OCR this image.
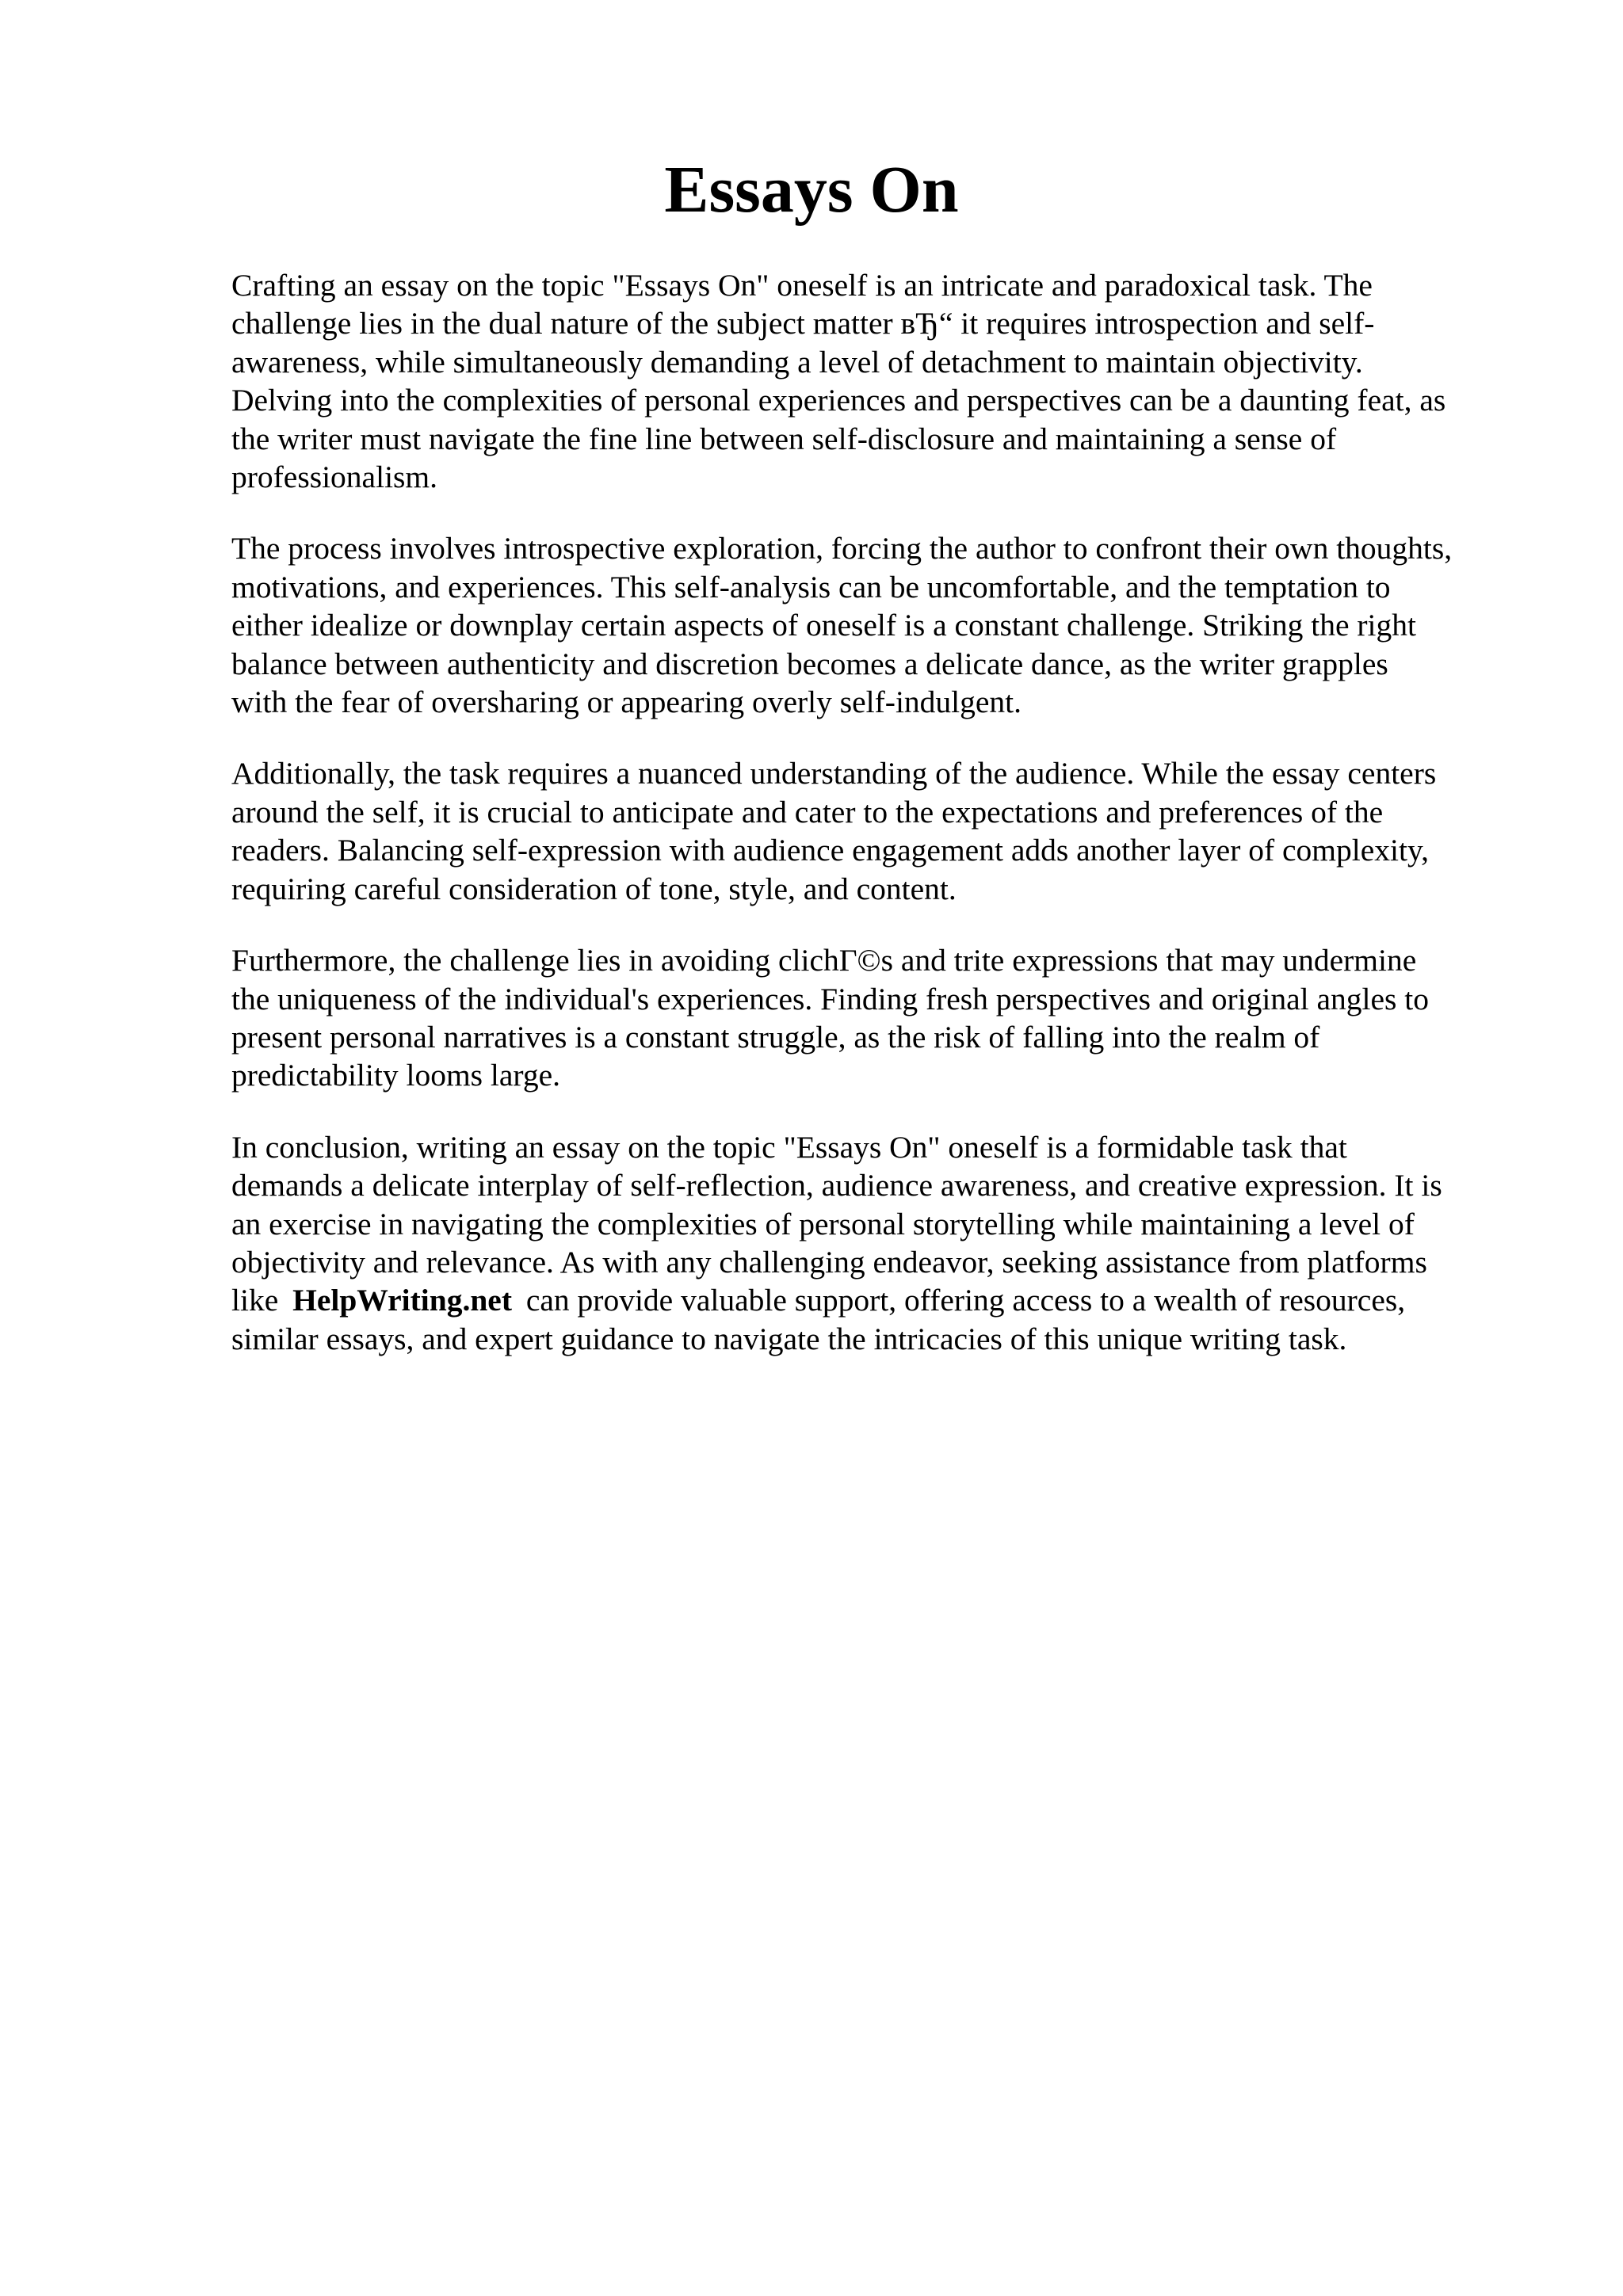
Essays On

Crafting an essay on the topic "Essays On" oneself is an intricate and paradoxical task. The
challenge lies in the dual nature of the subject matter вЂ“ it requires introspection and self-
awareness, while simultaneously demanding a level of detachment to maintain objectivity.
Delving into the complexities of personal experiences and perspectives can be a daunting feat, as
the writer must navigate the fine line between self-disclosure and maintaining a sense of
professionalism.

The process involves introspective exploration, forcing the author to confront their own thoughts,
motivations, and experiences. This self-analysis can be uncomfortable, and the temptation to
either idealize or downplay certain aspects of oneself is a constant challenge. Striking the right
balance between authenticity and discretion becomes a delicate dance, as the writer grapples
with the fear of oversharing or appearing overly self-indulgent.

Additionally, the task requires a nuanced understanding of the audience. While the essay centers
around the self, it is crucial to anticipate and cater to the expectations and preferences of the
readers. Balancing self-expression with audience engagement adds another layer of complexity,
requiring careful consideration of tone, style, and content.

Furthermore, the challenge lies in avoiding clichГ©s and trite expressions that may undermine
the uniqueness of the individual's experiences. Finding fresh perspectives and original angles to
present personal narratives is a constant struggle, as the risk of falling into the realm of
predictability looms large.

In conclusion, writing an essay on the topic "Essays On" oneself is a formidable task that
demands a delicate interplay of self-reflection, audience awareness, and creative expression. It is
an exercise in navigating the complexities of personal storytelling while maintaining a level of
objectivity and relevance. As with any challenging endeavor, seeking assistance from platforms
like HelpWriting.net can provide valuable support, offering access to a wealth of resources,
similar essays, and expert guidance to navigate the intricacies of this unique writing task.
